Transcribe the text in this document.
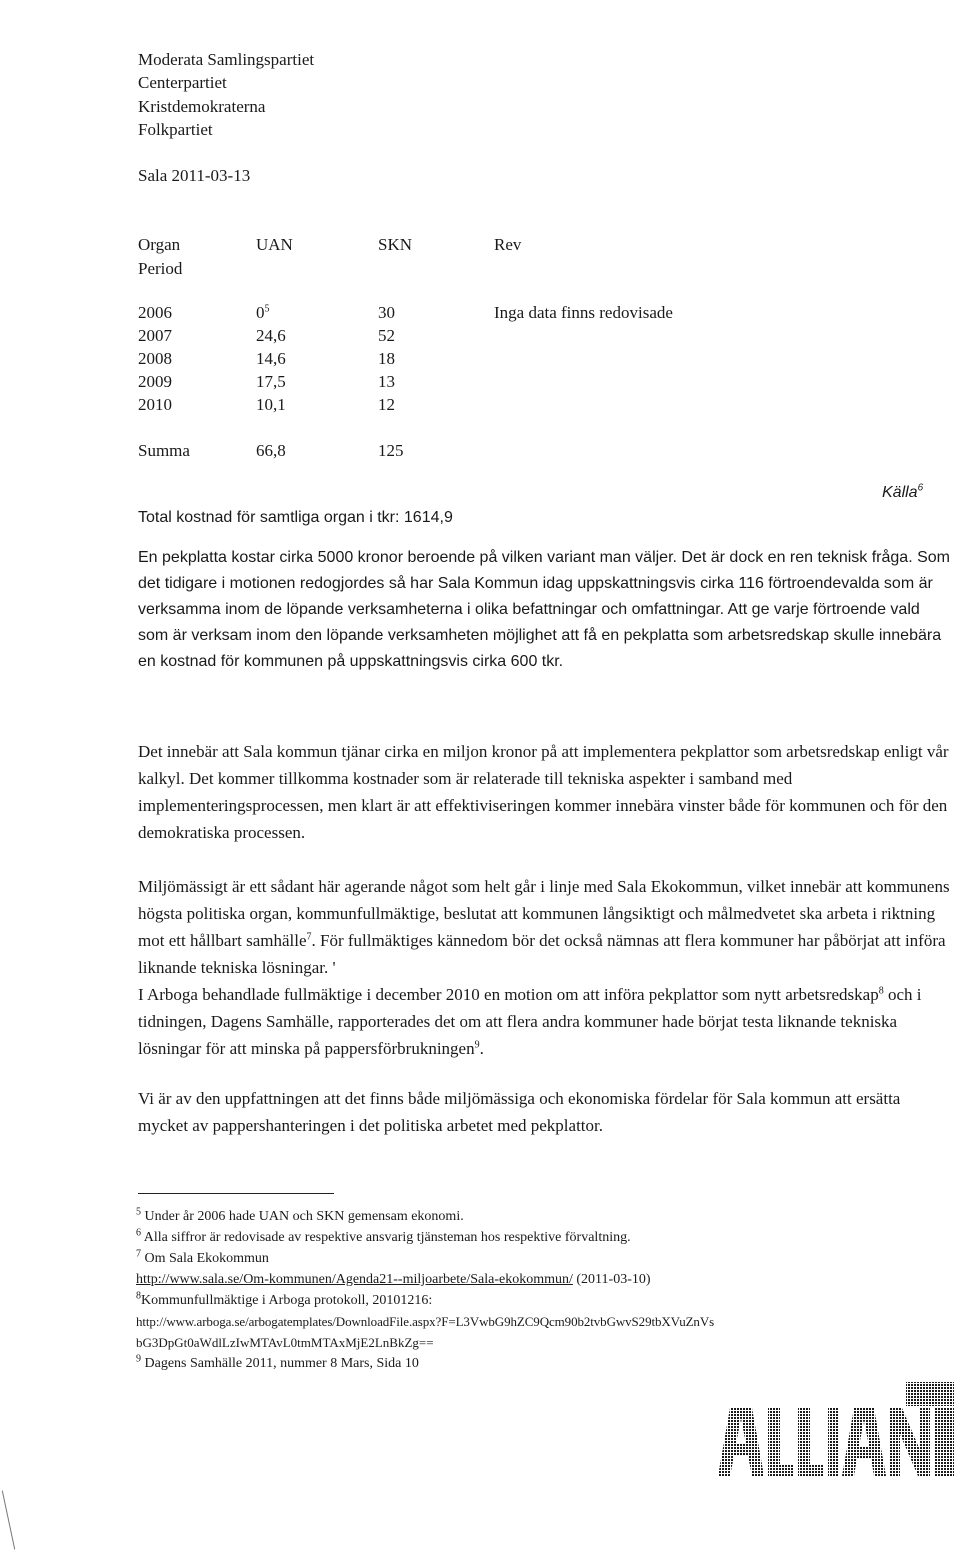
Moderata Samlingspartiet
Centerpartiet
Kristdemokraterna
Folkpartiet
Sala 2011-03-13
Organ	UAN	SKN	Rev
Period
2006	$0^5$	30	Inga data finns redovisade
2007	24,6	52
2008	14,6	18
2009	17,5	13
2010	10,1	12
Summa	66,8	125
Källa$^6$
Total kostnad för samtliga organ i tkr: 1614,9

En pekplatta kostar cirka 5000 kronor beroende på vilken variant man väljer. Det är dock en ren teknisk fråga. Som det tidigare i motionen redogjordes så har Sala Kommun idag uppskattningsvis cirka 116 förtroendevalda som är verksamma inom de löpande verksamheterna i olika befattningar och omfattningar. Att ge varje förtroende vald som är verksam inom den löpande verksamheten möjlighet att få en pekplatta som arbetsredskap skulle innebära en kostnad för kommunen på uppskattningsvis cirka 600 tkr.

Det innebär att Sala kommun tjänar cirka en miljon kronor på att implementera pekplattor som arbetsredskap enligt vår kalkyl. Det kommer tillkomma kostnader som är relaterade till tekniska aspekter i samband med implementeringsprocessen, men klart är att effektiviseringen kommer innebära vinster både för kommunen och för den demokratiska processen.

Miljömässigt är ett sådant här agerande något som helt går i linje med Sala Ekokommun, vilket innebär att kommunens högsta politiska organ, kommunfullmäktige, beslutat att kommunen långsiktigt och målmedvetet ska arbeta i riktning mot ett hållbart samhälle$^7$. För fullmäktiges kännedom bör det också nämnas att flera kommuner har påbörjat att införa liknande tekniska lösningar. '
I Arboga behandlade fullmäktige i december 2010 en motion om att införa pekplattor som nytt arbetsredskap$^8$ och i tidningen, Dagens Samhälle, rapporterades det om att flera andra kommuner hade börjat testa liknande tekniska lösningar för att minska på pappersförbrukningen$^9$.

Vi är av den uppfattningen att det finns både miljömässiga och ekonomiska fördelar för Sala kommun att ersätta mycket av pappershanteringen i det politiska arbetet med pekplattor.

$^5$ Under år 2006 hade UAN och SKN gemensam ekonomi.
$^6$ Alla siffror är redovisade av respektive ansvarig tjänsteman hos respektive förvaltning.
$^7$ Om Sala Ekokommun
http://www.sala.se/Om-kommunen/Agenda21--miljoarbete/Sala-ekokommun/ (2011-03-10)
$^8$Kommunfullmäktige i Arboga protokoll, 20101216:
http://www.arboga.se/arbogatemplates/DownloadFile.aspx?F=L3VwbG9hZC9Qcm90b2tvbGwvS29tbXVuZnVs
bG3DpGt0aWdlLzIwMTAvL0tmMTAxMjE2LnBkZg==
$^9$ Dagens Samhälle 2011, nummer 8 Mars, Sida 10
